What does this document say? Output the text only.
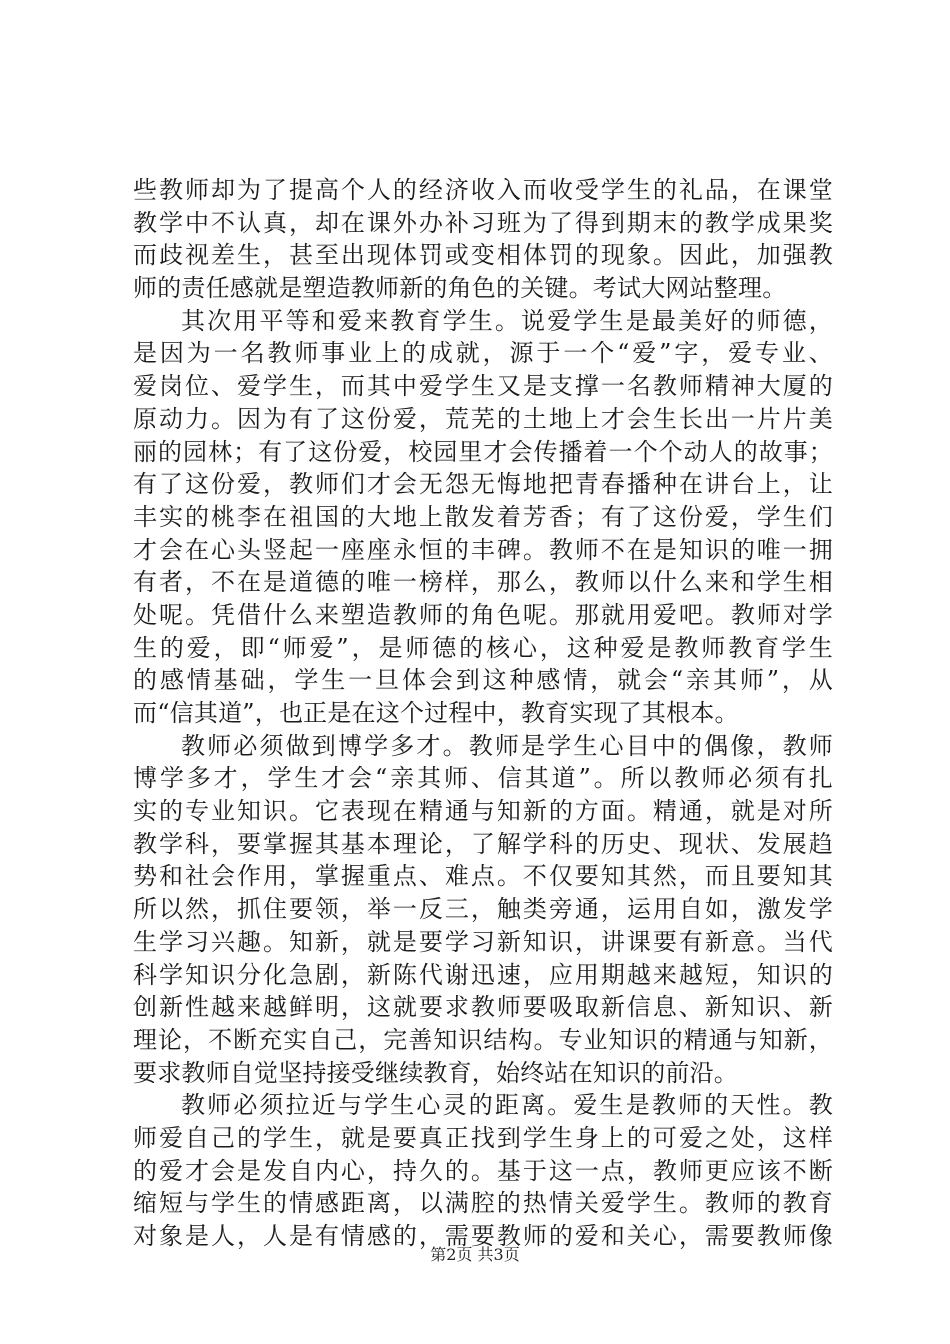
些教师却为了提高个人的经济收入而收受学生的礼品，在课堂
教学中不认真，却在课外办补习班为了得到期末的教学成果奖
而歧视差生，甚至出现体罚或变相体罚的现象。因此，加强教
师的责任感就是塑造教师新的角色的关键。考试大网站整理。
其次用平等和爱来教育学生。说爱学生是最美好的师德，
是因为一名教师事业上的成就，源于一个“爱”字，爱专业、
爱岗位、爱学生，而其中爱学生又是支撑一名教师精神大厦的
原动力。因为有了这份爱，荒芜的土地上才会生长出一片片美
丽的园林；有了这份爱，校园里才会传播着一个个动人的故事；
有了这份爱，教师们才会无怨无悔地把青春播种在讲台上，让
丰实的桃李在祖国的大地上散发着芳香；有了这份爱，学生们
才会在心头竖起一座座永恒的丰碑。教师不在是知识的唯一拥
有者，不在是道德的唯一榜样，那么，教师以什么来和学生相
处呢。凭借什么来塑造教师的角色呢。那就用爱吧。教师对学
生的爱，即“师爱”，是师德的核心，这种爱是教师教育学生
的感情基础，学生一旦体会到这种感情，就会“亲其师”，从
而“信其道”，也正是在这个过程中，教育实现了其根本。
教师必须做到博学多才。教师是学生心目中的偶像，教师
博学多才，学生才会“亲其师、信其道”。所以教师必须有扎
实的专业知识。它表现在精通与知新的方面。精通，就是对所
教学科，要掌握其基本理论，了解学科的历史、现状、发展趋
势和社会作用，掌握重点、难点。不仅要知其然，而且要知其
所以然，抓住要领，举一反三，触类旁通，运用自如，激发学
生学习兴趣。知新，就是要学习新知识，讲课要有新意。当代
科学知识分化急剧，新陈代谢迅速，应用期越来越短，知识的
创新性越来越鲜明，这就要求教师要吸取新信息、新知识、新
理论，不断充实自己，完善知识结构。专业知识的精通与知新，
要求教师自觉坚持接受继续教育，始终站在知识的前沿。
教师必须拉近与学生心灵的距离。爱生是教师的天性。教
师爱自己的学生，就是要真正找到学生身上的可爱之处，这样
的爱才会是发自内心，持久的。基于这一点，教师更应该不断
缩短与学生的情感距离，以满腔的热情关爱学生。教师的教育
对象是人，人是有情感的，需要教师的爱和关心，需要教师像
第2页 共3页
